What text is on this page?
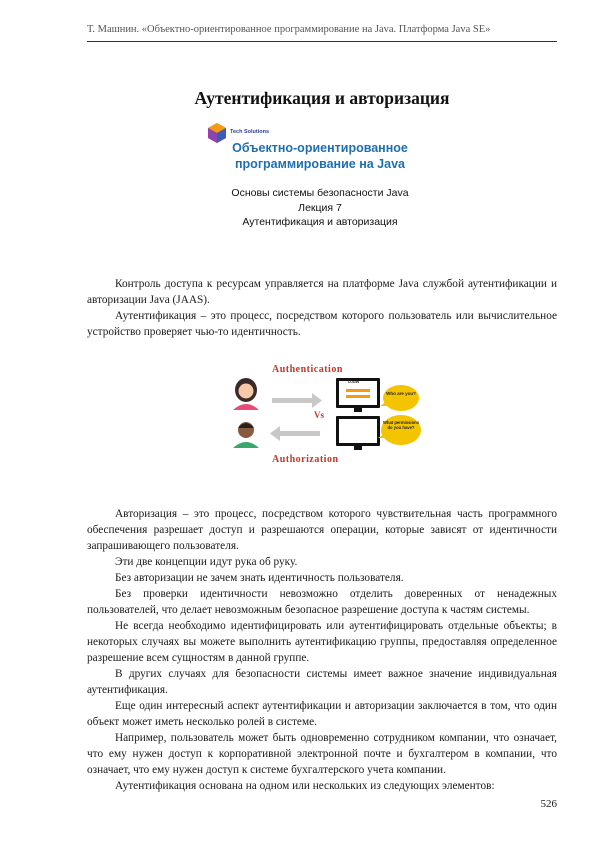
Т. Машнин. «Объектно-ориентированное программирование на Java. Платформа Java SE»
Аутентификация и авторизация
Tech Solutions
Объектно-ориентированное
программирование на Java
Основы системы безопасности Java
Лекция 7
Аутентификация и авторизация

Контроль доступа к ресурсам управляется на платформе Java службой аутентификации и авторизации Java (JAAS).

Аутентификация – это процесс, посредством которого пользователь или вычислительное устройство проверяет чью-то идентичность.

Authentication
Vs
Authorization
LOGIN
Who are you?
What permissions do you have?

Авторизация – это процесс, посредством которого чувствительная часть программного обеспечения разрешает доступ и разрешаются операции, которые зависят от идентичности запрашивающего пользователя.

Эти две концепции идут рука об руку.

Без авторизации не зачем знать идентичность пользователя.

Без проверки идентичности невозможно отделить доверенных от ненадежных пользователей, что делает невозможным безопасное разрешение доступа к частям системы.

Не всегда необходимо идентифицировать или аутентифицировать отдельные объекты; в некоторых случаях вы можете выполнить аутентификацию группы, предоставляя определенное разрешение всем сущностям в данной группе.

В других случаях для безопасности системы имеет важное значение индивидуальная аутентификация.

Еще один интересный аспект аутентификации и авторизации заключается в том, что один объект может иметь несколько ролей в системе.

Например, пользователь может быть одновременно сотрудником компании, что означает, что ему нужен доступ к корпоративной электронной почте и бухгалтером в компании, что означает, что ему нужен доступ к системе бухгалтерского учета компании.

Аутентификация основана на одном или нескольких из следующих элементов:

526
